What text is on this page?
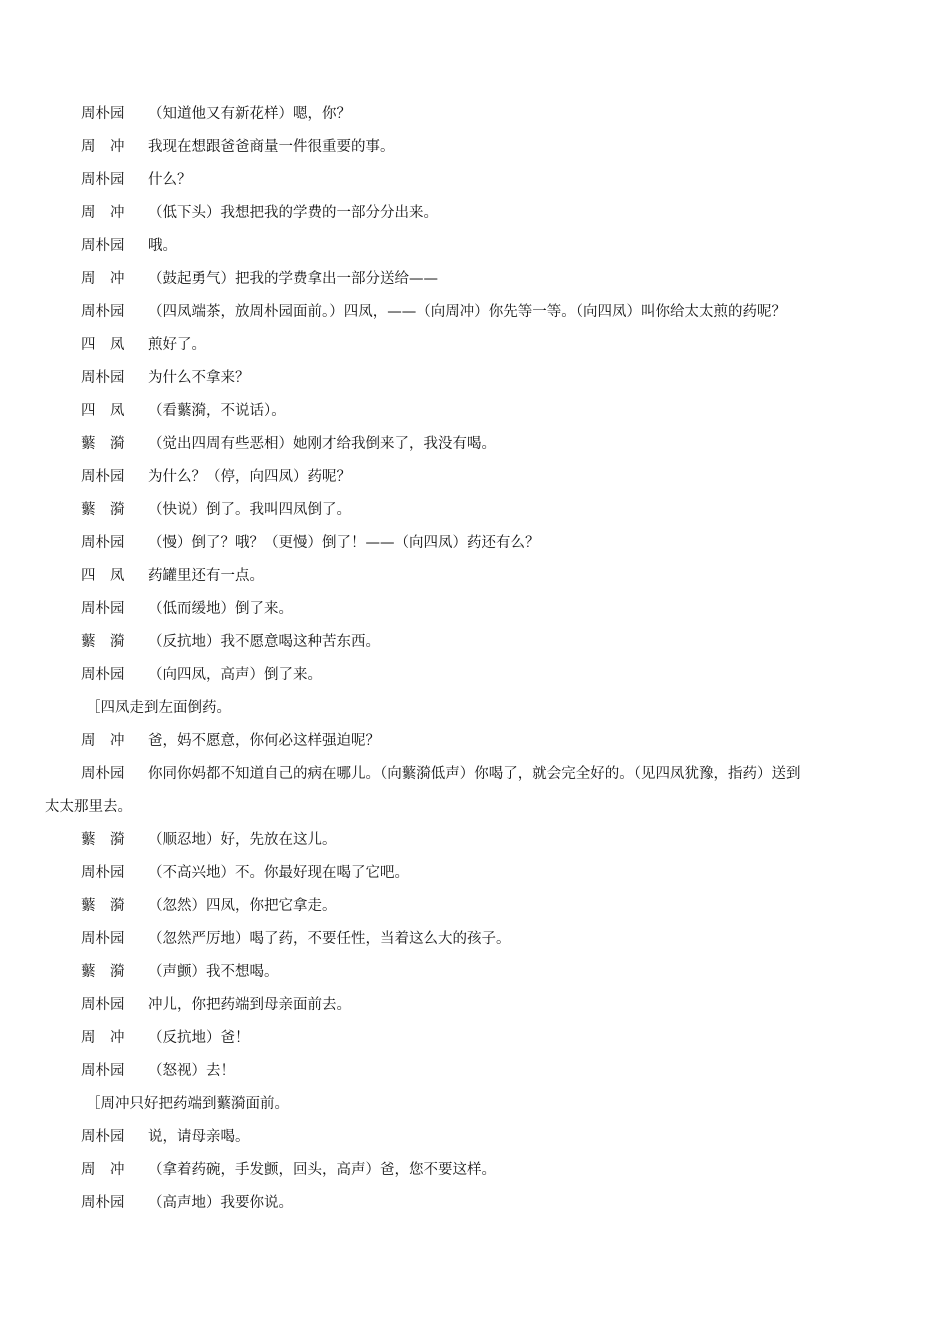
周朴园	（知道他又有新花样）嗯，你？
周　冲	我现在想跟爸爸商量一件很重要的事。
周朴园	什么？
周　冲	（低下头）我想把我的学费的一部分分出来。
周朴园	哦。
周　冲	（鼓起勇气）把我的学费拿出一部分送给——
周朴园	（四凤端茶，放周朴园面前。）四凤，——（向周冲）你先等一等。（向四凤）叫你给太太煎的药呢？
四　凤	煎好了。
周朴园	为什么不拿来？
四　凤	（看蘩漪，不说话）。
蘩　漪	（觉出四周有些恶相）她刚才给我倒来了，我没有喝。
周朴园	为什么？（停，向四凤）药呢？
蘩　漪	（快说）倒了。我叫四凤倒了。
周朴园	（慢）倒了？哦？（更慢）倒了！——（向四凤）药还有么？
四　凤	药罐里还有一点。
周朴园	（低而缓地）倒了来。
蘩　漪	（反抗地）我不愿意喝这种苦东西。
周朴园	（向四凤，高声）倒了来。
［四凤走到左面倒药。
周　冲	爸，妈不愿意，你何必这样强迫呢？
周朴园	你同你妈都不知道自己的病在哪儿。（向蘩漪低声）你喝了，就会完全好的。（见四凤犹豫，指药）送到
太太那里去。
蘩　漪	（顺忍地）好，先放在这儿。
周朴园	（不高兴地）不。你最好现在喝了它吧。
蘩　漪	（忽然）四凤，你把它拿走。
周朴园	（忽然严厉地）喝了药，不要任性，当着这么大的孩子。
蘩　漪	（声颤）我不想喝。
周朴园	冲儿，你把药端到母亲面前去。
周　冲	（反抗地）爸！
周朴园	（怒视）去！
［周冲只好把药端到蘩漪面前。
周朴园	说，请母亲喝。
周　冲	（拿着药碗，手发颤，回头，高声）爸，您不要这样。
周朴园	（高声地）我要你说。
